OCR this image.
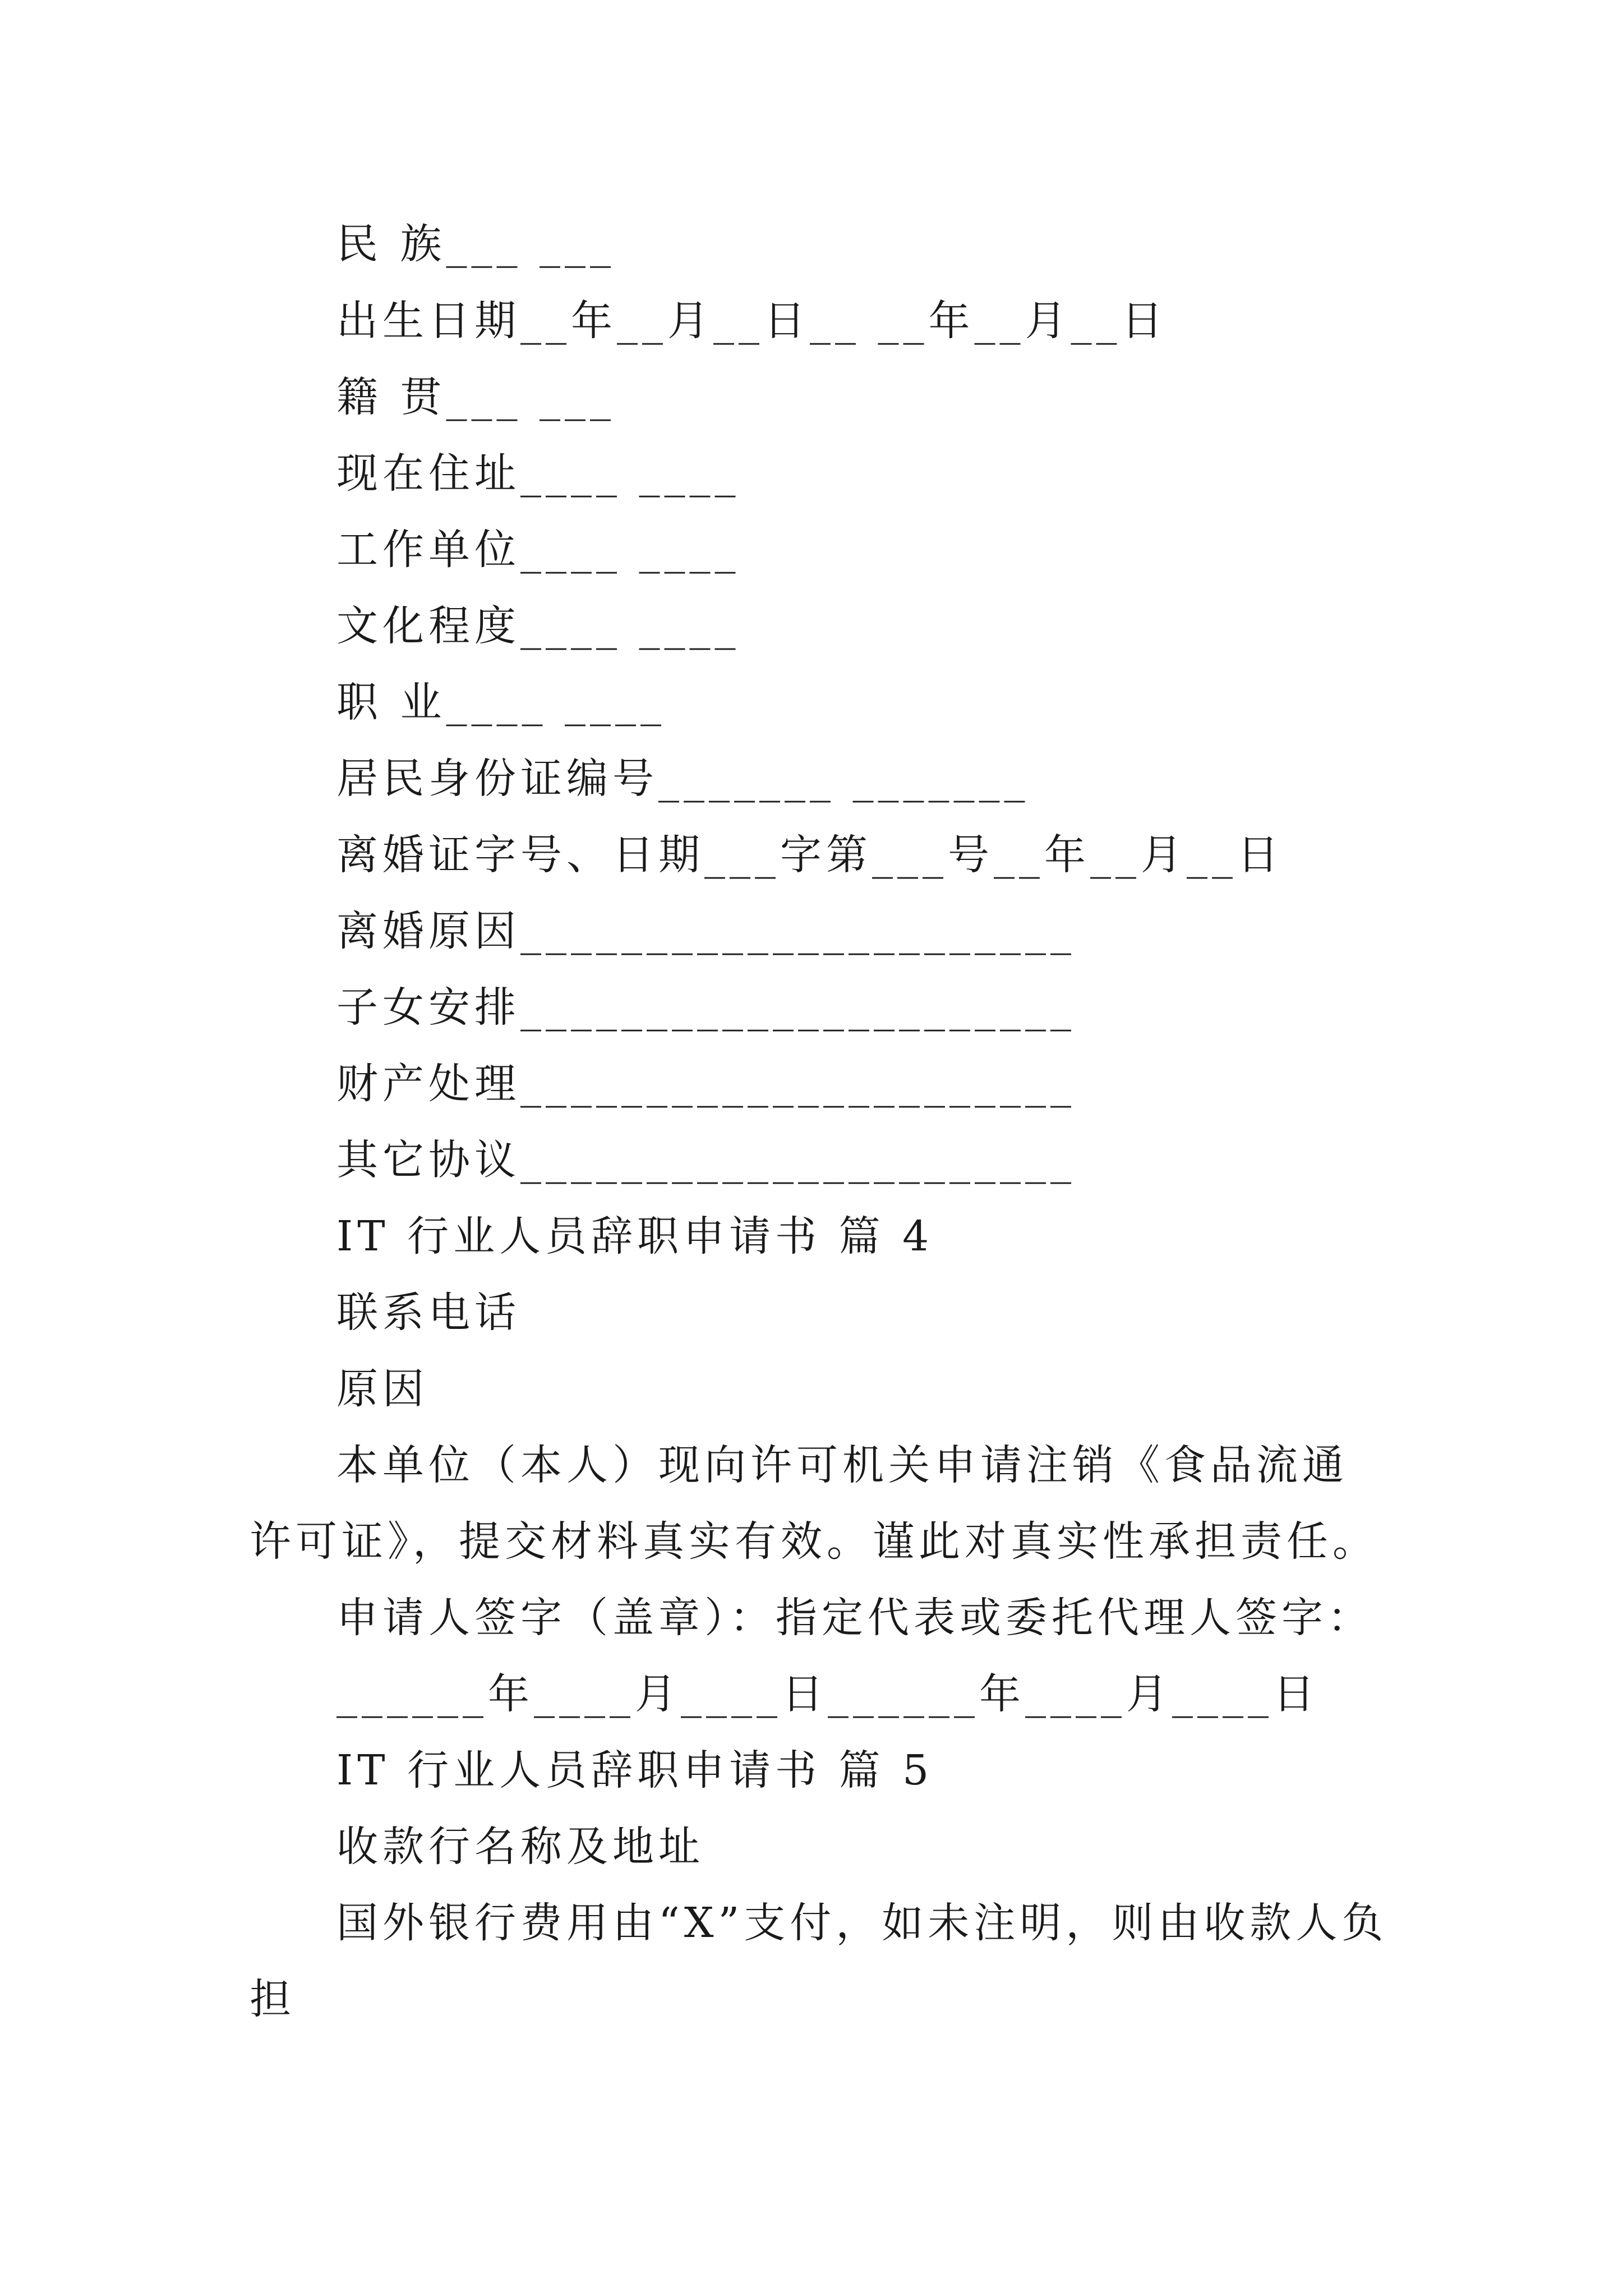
民 族___ ___
出生日期__年__月__日__ __年__月__日
籍 贯___ ___
现在住址____ ____
工作单位____ ____
文化程度____ ____
职 业____ ____
居民身份证编号_______ _______
离婚证字号、日期___字第___号__年__月__日
离婚原因______________________
子女安排______________________
财产处理______________________
其它协议______________________
IT 行业人员辞职申请书 篇 4
联系电话
原因
本单位（本人）现向许可机关申请注销《食品流通许可证》，提交材料真实有效。谨此对真实性承担责任。
申请人签字（盖章）：指定代表或委托代理人签字：
______年____月____日______年____月____日
IT 行业人员辞职申请书 篇 5
收款行名称及地址
国外银行费用由“X”支付，如未注明，则由收款人负担
